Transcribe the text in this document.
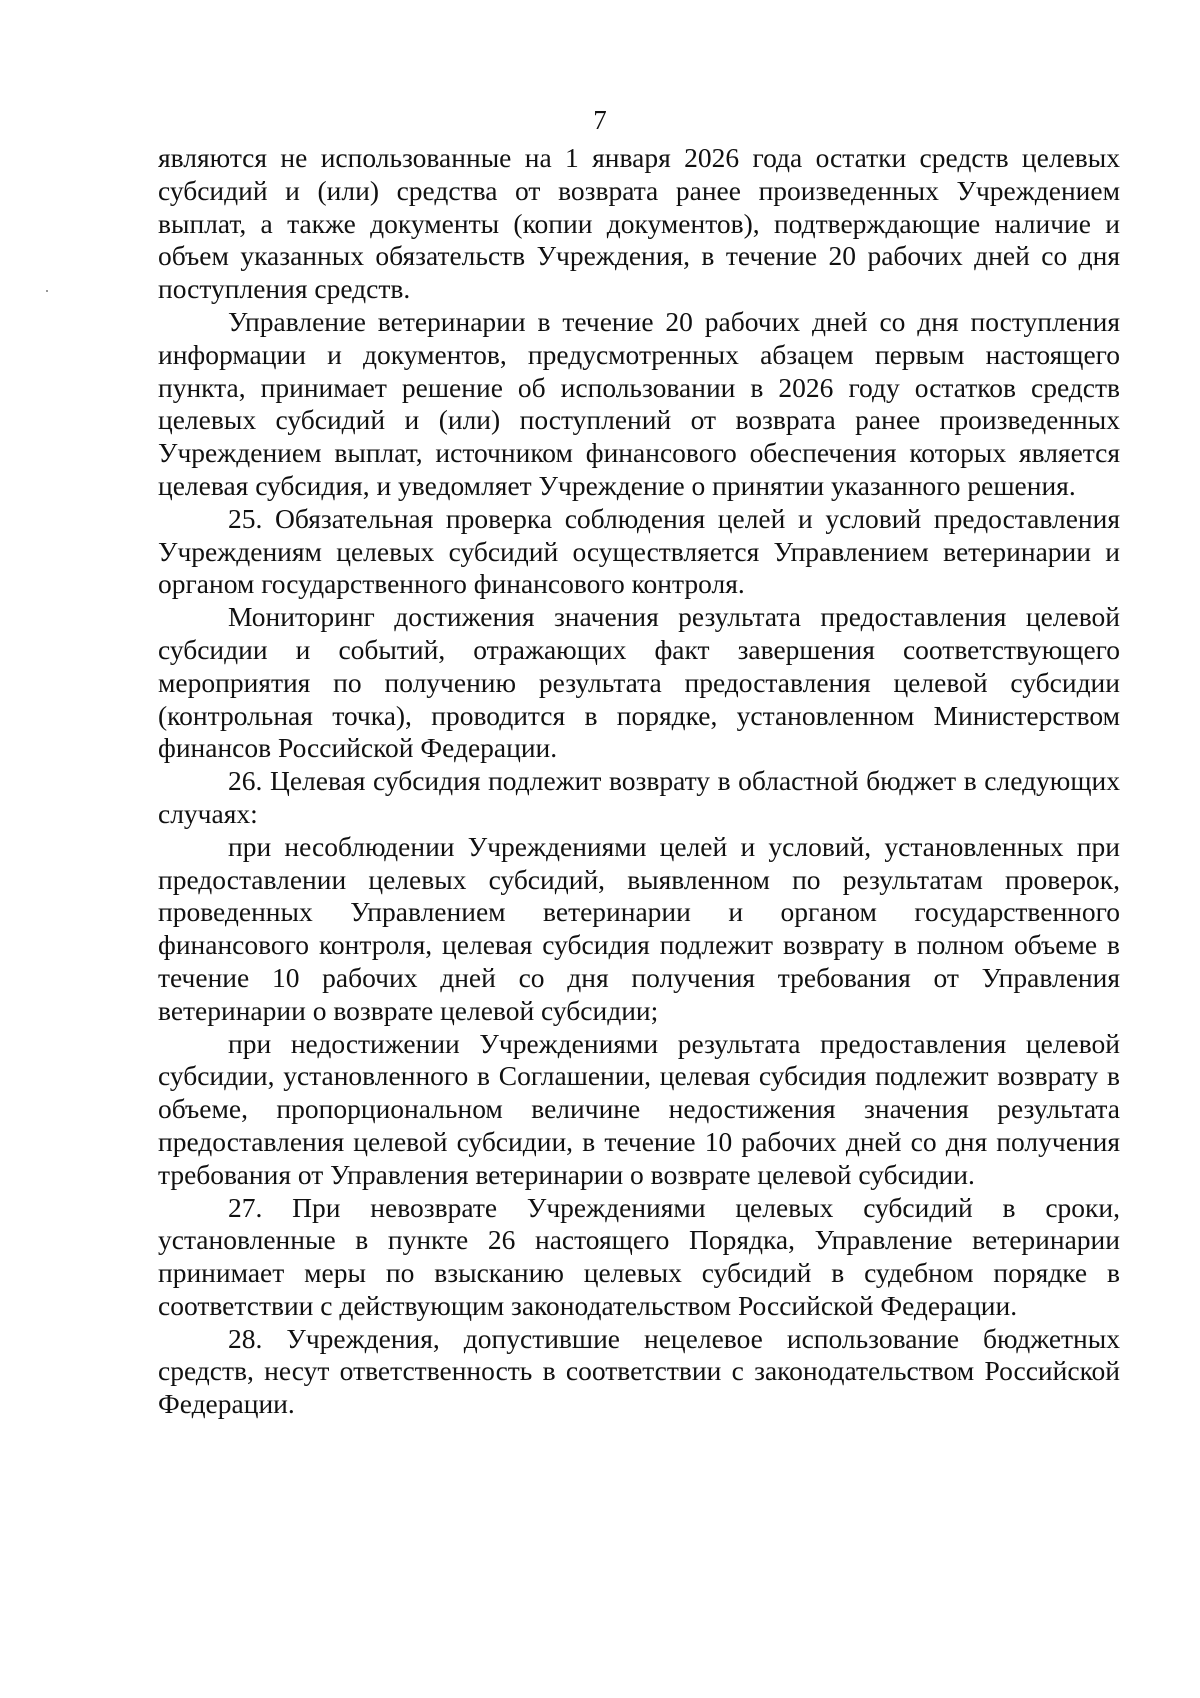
7

являются не использованные на 1 января 2026 года остатки средств целевых субсидий и (или) средства от возврата ранее произведенных Учреждением выплат, а также документы (копии документов), подтверждающие наличие и объем указанных обязательств Учреждения, в течение 20 рабочих дней со дня поступления средств.

Управление ветеринарии в течение 20 рабочих дней со дня поступления информации и документов, предусмотренных абзацем первым настоящего пункта, принимает решение об использовании в 2026 году остатков средств целевых субсидий и (или) поступлений от возврата ранее произведенных Учреждением выплат, источником финансового обеспечения которых является целевая субсидия, и уведомляет Учреждение о принятии указанного решения.

25. Обязательная проверка соблюдения целей и условий предоставления Учреждениям целевых субсидий осуществляется Управлением ветеринарии и органом государственного финансового контроля.

Мониторинг достижения значения результата предоставления целевой субсидии и событий, отражающих факт завершения соответствующего мероприятия по получению результата предоставления целевой субсидии (контрольная точка), проводится в порядке, установленном Министерством финансов Российской Федерации.

26. Целевая субсидия подлежит возврату в областной бюджет в следующих случаях:

при несоблюдении Учреждениями целей и условий, установленных при предоставлении целевых субсидий, выявленном по результатам проверок, проведенных Управлением ветеринарии и органом государственного финансового контроля, целевая субсидия подлежит возврату в полном объеме в течение 10 рабочих дней со дня получения требования от Управления ветеринарии о возврате целевой субсидии;

при недостижении Учреждениями результата предоставления целевой субсидии, установленного в Соглашении, целевая субсидия подлежит возврату в объеме, пропорциональном величине недостижения значения результата предоставления целевой субсидии, в течение 10 рабочих дней со дня получения требования от Управления ветеринарии о возврате целевой субсидии.

27. При невозврате Учреждениями целевых субсидий в сроки, установленные в пункте 26 настоящего Порядка, Управление ветеринарии принимает меры по взысканию целевых субсидий в судебном порядке в соответствии с действующим законодательством Российской Федерации.

28. Учреждения, допустившие нецелевое использование бюджетных средств, несут ответственность в соответствии с законодательством Российской Федерации.
